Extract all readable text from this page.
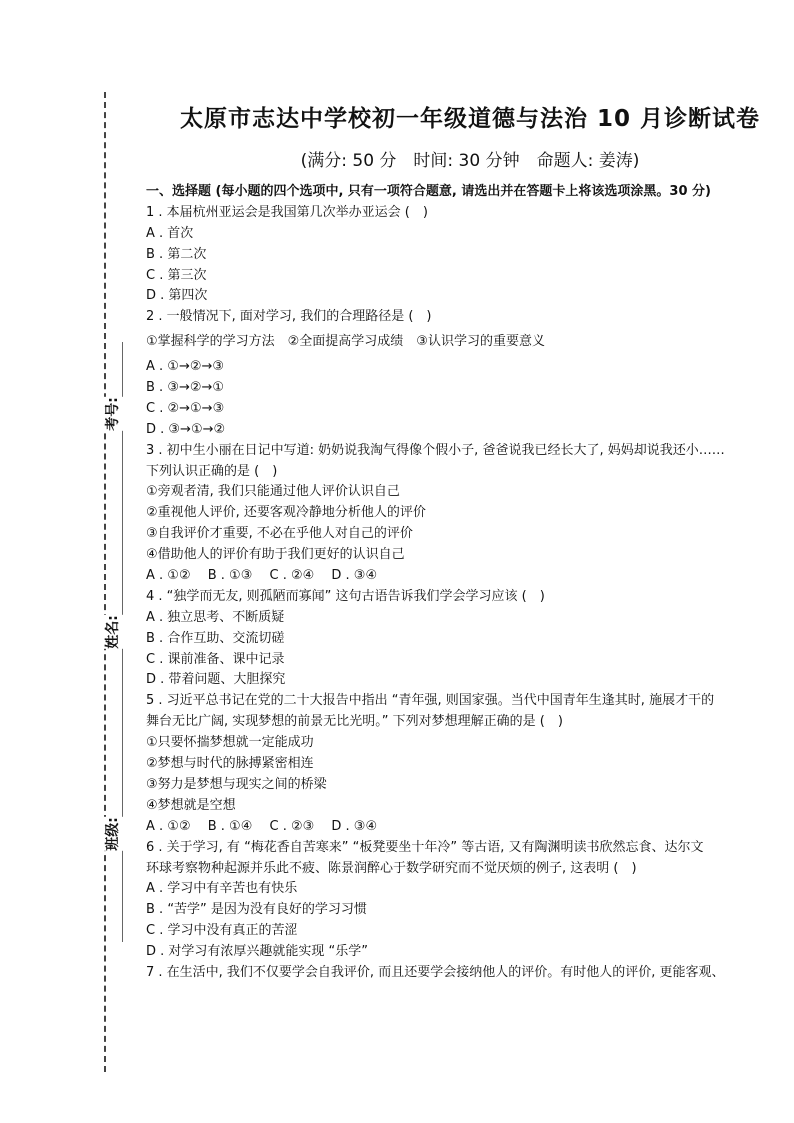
考号:
姓名:
班级:
太原市志达中学校初一年级道德与法治 10 月诊断试卷
(满分: 50 分　时间: 30 分钟　命题人: 姜涛)
一、选择题 (每小题的四个选项中, 只有一项符合题意, 请选出并在答题卡上将该选项涂黑。30 分)
1 . 本届杭州亚运会是我国第几次举办亚运会 (　)
A . 首次
B . 第二次
C . 第三次
D . 第四次
2 . 一般情况下, 面对学习, 我们的合理路径是 (　)
①掌握科学的学习方法　②全面提高学习成绩　③认识学习的重要意义
A . ①→②→③
B . ③→②→①
C . ②→①→③
D . ③→①→②
3 . 初中生小丽在日记中写道: 奶奶说我淘气得像个假小子, 爸爸说我已经长大了, 妈妈却说我还小……
下列认识正确的是 (　)
①旁观者清, 我们只能通过他人评价认识自己
②重视他人评价, 还要客观冷静地分析他人的评价
③自我评价才重要, 不必在乎他人对自己的评价
④借助他人的评价有助于我们更好的认识自己
A . ①②　 B . ①③　 C . ②④　 D . ③④
4 . “独学而无友, 则孤陋而寡闻” 这句古语告诉我们学会学习应该 (　)
A . 独立思考、不断质疑
B . 合作互助、交流切磋
C . 课前准备、课中记录
D . 带着问题、大胆探究
5 . 习近平总书记在党的二十大报告中指出 “青年强, 则国家强。当代中国青年生逢其时, 施展才干的
舞台无比广阔, 实现梦想的前景无比光明。” 下列对梦想理解正确的是 (　)
①只要怀揣梦想就一定能成功
②梦想与时代的脉搏紧密相连
③努力是梦想与现实之间的桥梁
④梦想就是空想
A . ①②　 B . ①④　 C . ②③　 D . ③④
6 . 关于学习, 有 “梅花香自苦寒来” “板凳要坐十年冷” 等古语, 又有陶渊明读书欣然忘食、达尔文
环球考察物种起源并乐此不疲、陈景润醉心于数学研究而不觉厌烦的例子, 这表明 (　)
A . 学习中有辛苦也有快乐
B . “苦学” 是因为没有良好的学习习惯
C . 学习中没有真正的苦涩
D . 对学习有浓厚兴趣就能实现 “乐学”
7 . 在生活中, 我们不仅要学会自我评价, 而且还要学会接纳他人的评价。有时他人的评价, 更能客观、
